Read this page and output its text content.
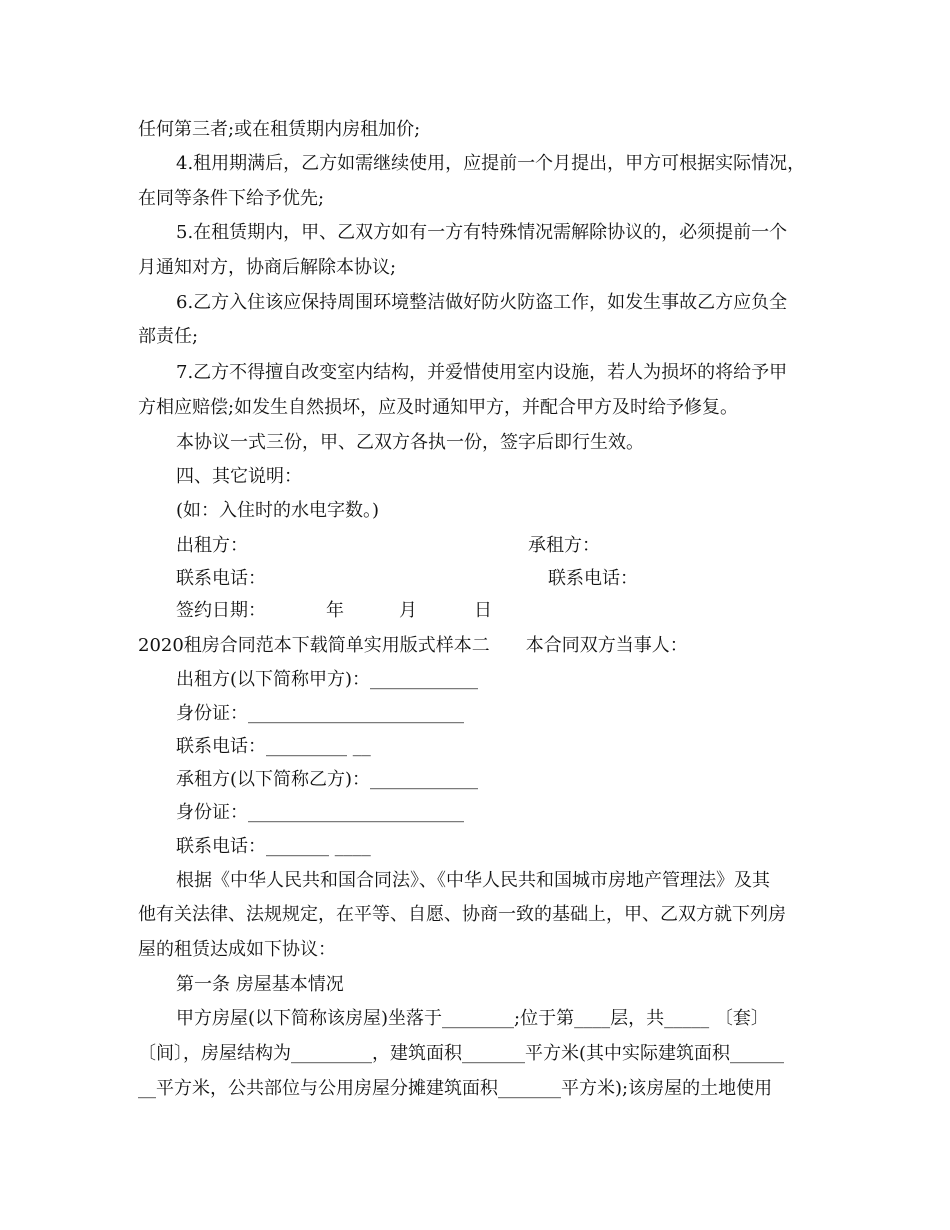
任何第三者;或在租赁期内房租加价;
4.租用期满后，乙方如需继续使用，应提前一个月提出，甲方可根据实际情况，
在同等条件下给予优先;
5.在租赁期内，甲、乙双方如有一方有特殊情况需解除协议的，必须提前一个
月通知对方，协商后解除本协议;
6.乙方入住该应保持周围环境整洁做好防火防盗工作，如发生事故乙方应负全
部责任;
7.乙方不得擅自改变室内结构，并爱惜使用室内设施，若人为损坏的将给予甲
方相应赔偿;如发生自然损坏，应及时通知甲方，并配合甲方及时给予修复。
本协议一式三份，甲、乙双方各执一份，签字后即行生效。
四、其它说明：
(如：入住时的水电字数。)
出租方：	承租方：
联系电话：	联系电话：
签约日期：	年	月	日
2020租房合同范本下载简单实用版式样本二　　本合同双方当事人：
出租方(以下简称甲方)：____________
身份证：________________________
联系电话：_________ __
承租方(以下简称乙方)：____________
身份证：________________________
联系电话：_______ ____
根据《中华人民共和国合同法》、《中华人民共和国城市房地产管理法》及其
他有关法律、法规规定，在平等、自愿、协商一致的基础上，甲、乙双方就下列房
屋的租赁达成如下协议：
第一条 房屋基本情况
甲方房屋(以下简称该房屋)坐落于________;位于第____层，共_____ 〔套〕
〔间〕，房屋结构为_________，建筑面积_______平方米(其中实际建筑面积______
__平方米，公共部位与公用房屋分摊建筑面积_______平方米);该房屋的土地使用
